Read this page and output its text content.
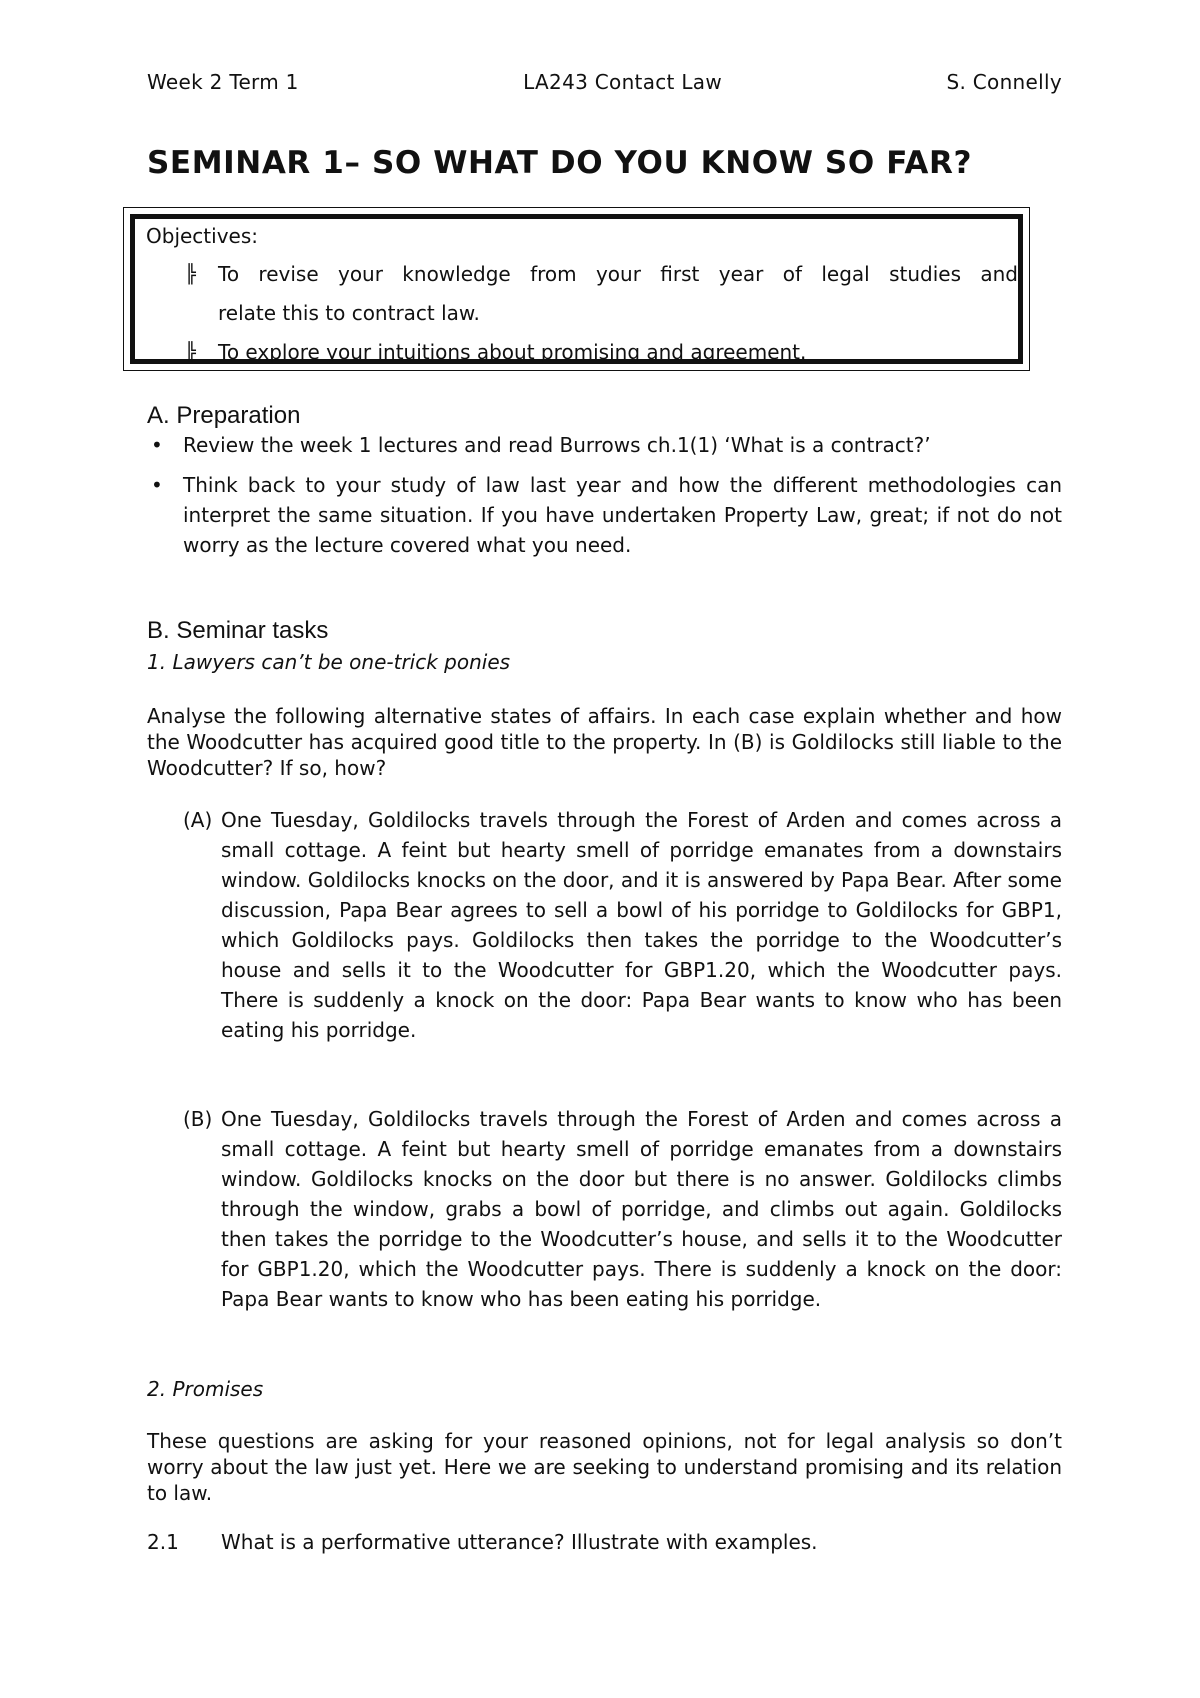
Week 2 Term 1	LA243 Contact Law	S. Connelly
SEMINAR 1– SO WHAT DO YOU KNOW SO FAR?
Objectives:
╠ To revise your knowledge from your first year of legal studies and
relate this to contract law.
╠ To explore your intuitions about promising and agreement.
A. Preparation
• Review the week 1 lectures and read Burrows ch.1(1) ‘What is a contract?’
• Think back to your study of law last year and how the different methodologies can interpret the same situation. If you have undertaken Property Law, great; if not do not worry as the lecture covered what you need.
B. Seminar tasks
1. Lawyers can’t be one-trick ponies
Analyse the following alternative states of affairs. In each case explain whether and how the Woodcutter has acquired good title to the property. In (B) is Goldilocks still liable to the Woodcutter? If so, how?
(A) One Tuesday, Goldilocks travels through the Forest of Arden and comes across a small cottage. A feint but hearty smell of porridge emanates from a downstairs window. Goldilocks knocks on the door, and it is answered by Papa Bear. After some discussion, Papa Bear agrees to sell a bowl of his porridge to Goldilocks for GBP1, which Goldilocks pays. Goldilocks then takes the porridge to the Woodcutter’s house and sells it to the Woodcutter for GBP1.20, which the Woodcutter pays. There is suddenly a knock on the door: Papa Bear wants to know who has been eating his porridge.
(B) One Tuesday, Goldilocks travels through the Forest of Arden and comes across a small cottage. A feint but hearty smell of porridge emanates from a downstairs window. Goldilocks knocks on the door but there is no answer. Goldilocks climbs through the window, grabs a bowl of porridge, and climbs out again. Goldilocks then takes the porridge to the Woodcutter’s house, and sells it to the Woodcutter for GBP1.20, which the Woodcutter pays. There is suddenly a knock on the door: Papa Bear wants to know who has been eating his porridge.
2. Promises
These questions are asking for your reasoned opinions, not for legal analysis so don’t worry about the law just yet. Here we are seeking to understand promising and its relation to law.
2.1 What is a performative utterance? Illustrate with examples.
